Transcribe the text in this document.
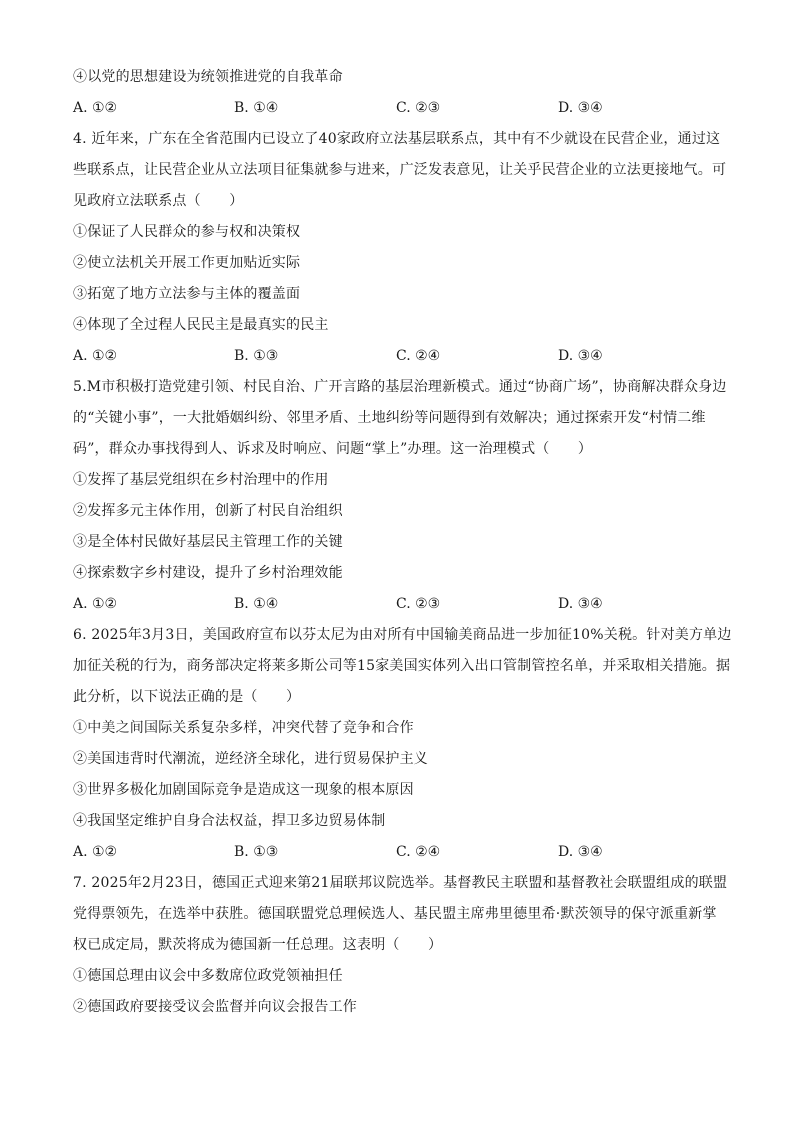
④以党的思想建设为统领推进党的自我革命
A. ①②	B. ①④	C. ②③	D. ③④
4. 近年来，广东在全省范围内已设立了40家政府立法基层联系点，其中有不少就设在民营企业，通过这
些联系点，让民营企业从立法项目征集就参与进来，广泛发表意见，让关乎民营企业的立法更接地气。可
见政府立法联系点（　　）
①保证了人民群众的参与权和决策权
②使立法机关开展工作更加贴近实际
③拓宽了地方立法参与主体的覆盖面
④体现了全过程人民民主是最真实的民主
A. ①②	B. ①③	C. ②④	D. ③④
5.M市积极打造党建引领、村民自治、广开言路的基层治理新模式。通过“协商广场”，协商解决群众身边
的“关键小事”，一大批婚姻纠纷、邻里矛盾、土地纠纷等问题得到有效解决；通过探索开发“村情二维
码”，群众办事找得到人、诉求及时响应、问题“掌上”办理。这一治理模式（　　）
①发挥了基层党组织在乡村治理中的作用
②发挥多元主体作用，创新了村民自治组织
③是全体村民做好基层民主管理工作的关键
④探索数字乡村建设，提升了乡村治理效能
A. ①②	B. ①④	C. ②③	D. ③④
6. 2025年3月3日，美国政府宣布以芬太尼为由对所有中国输美商品进一步加征10%关税。针对美方单边
加征关税的行为，商务部决定将莱多斯公司等15家美国实体列入出口管制管控名单，并采取相关措施。据
此分析，以下说法正确的是（　　）
①中美之间国际关系复杂多样，冲突代替了竞争和合作
②美国违背时代潮流，逆经济全球化，进行贸易保护主义
③世界多极化加剧国际竞争是造成这一现象的根本原因
④我国坚定维护自身合法权益，捍卫多边贸易体制
A. ①②	B. ①③	C. ②④	D. ③④
7. 2025年2月23日，德国正式迎来第21届联邦议院选举。基督教民主联盟和基督教社会联盟组成的联盟
党得票领先，在选举中获胜。德国联盟党总理候选人、基民盟主席弗里德里希·默茨领导的保守派重新掌
权已成定局，默茨将成为德国新一任总理。这表明（　　）
①德国总理由议会中多数席位政党领袖担任
②德国政府要接受议会监督并向议会报告工作
